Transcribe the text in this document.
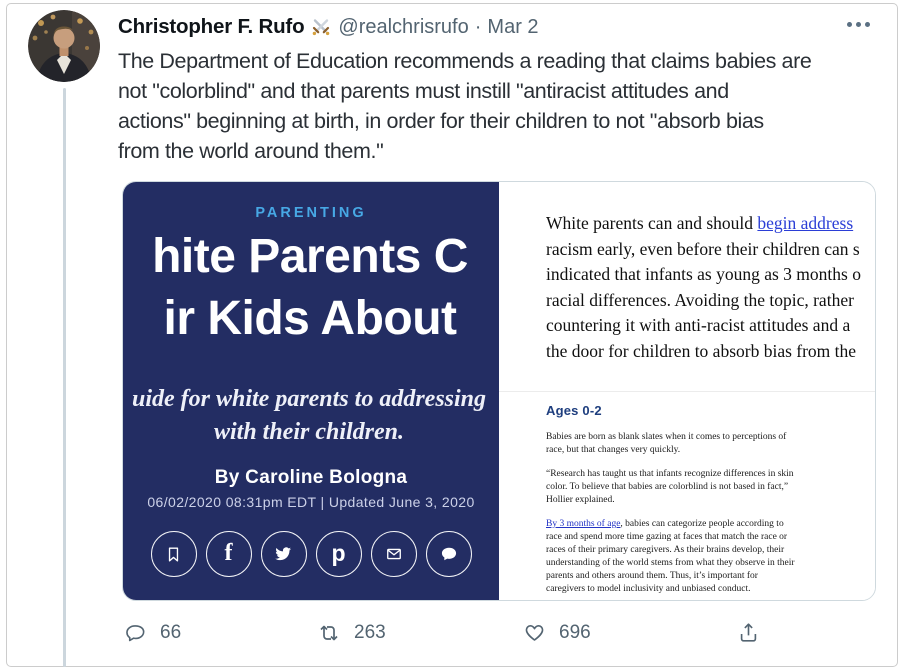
Christopher F. Rufo @realchrisrufo · Mar 2
The Department of Education recommends a reading that claims babies are
not "colorblind" and that parents must instill "antiracist attitudes and
actions" beginning at birth, in order for their children to not "absorb bias
from the world around them."
PARENTING
hite Parents C
ir Kids About
uide for white parents to addressing
with their children.
By Caroline Bologna
06/02/2020 08:31pm EDT | Updated June 3, 2020
f	p
White parents can and should begin address
racism early, even before their children can s
indicated that infants as young as 3 months o
racial differences. Avoiding the topic, rather
countering it with anti-racist attitudes and a
the door for children to absorb bias from the
Ages 0-2

Babies are born as blank slates when it comes to perceptions of race, but that changes very quickly.

“Research has taught us that infants recognize differences in skin color. To believe that babies are colorblind is not based in fact,” Hollier explained.

By 3 months of age, babies can categorize people according to race and spend more time gazing at faces that match the race or races of their primary caregivers. As their brains develop, their understanding of the world stems from what they observe in their parents and others around them. Thus, it’s important for caregivers to model inclusivity and unbiased conduct.

66	263	696
